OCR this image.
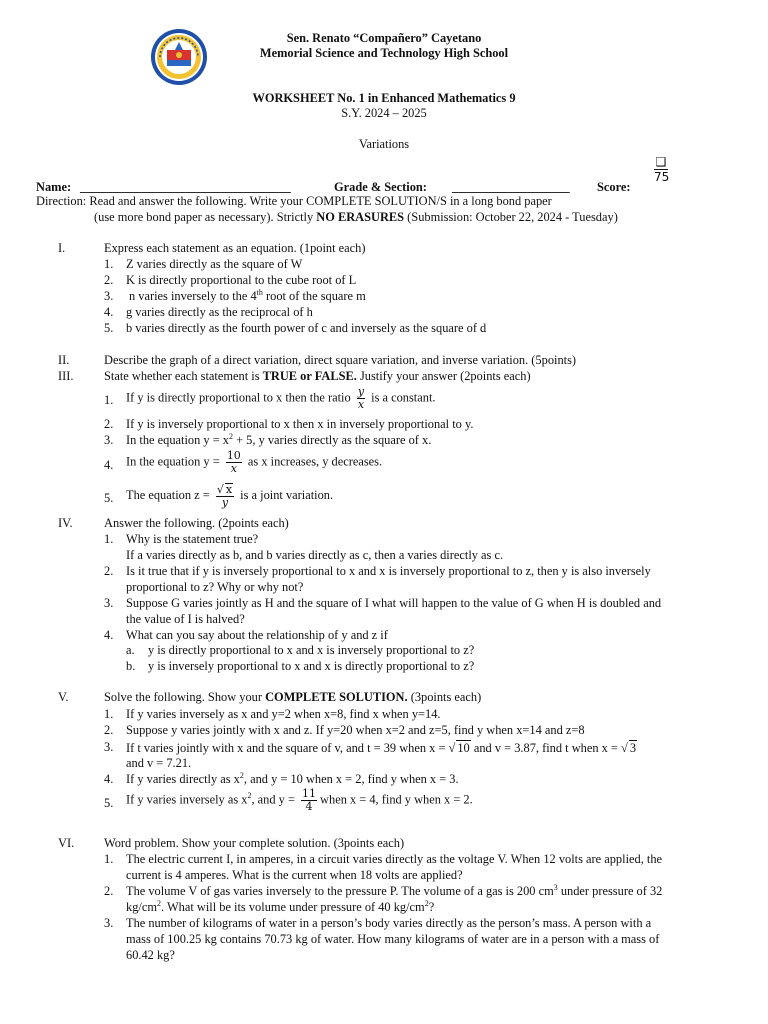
Sen. Renato “Compañero” Cayetano
Memorial Science and Technology High School
WORKSHEET No. 1 in Enhanced Mathematics 9
S.Y. 2024 – 2025
Variations
❑
75
Name: __________________________________	Grade & Section: ___________________ Score:
Direction: Read and answer the following. Write your COMPLETE SOLUTION/S in a long bond paper
(use more bond paper as necessary). Strictly NO ERASURES (Submission: October 22, 2024 - Tuesday)
I.	Express each statement as an equation. (1point each)
1. Z varies directly as the square of W
2. K is directly proportional to the cube root of L
3. n varies inversely to the 4th root of the square m
4. g varies directly as the reciprocal of h
5. b varies directly as the fourth power of c and inversely as the square of d
II.	Describe the graph of a direct variation, direct square variation, and inverse variation. (5points)
III. State whether each statement is TRUE or FALSE. Justify your answer (2points each)
1. If y is directly proportional to x then the ratio $\frac{y}{x}$ is a constant.
2. If y is inversely proportional to x then x in inversely proportional to y.
3. In the equation $y = x^2 + 5$, y varies directly as the square of x.
4. In the equation $y = \frac{10}{x}$ as x increases, y decreases.
5. The equation $z = \frac{√ x}{y}$ is a joint variation.
IV.	Answer the following. (2points each)
1. Why is the statement true?
If a varies directly as b, and b varies directly as c, then a varies directly as c.
2. Is it true that if y is inversely proportional to x and x is inversely proportional to z, then y is also inversely
proportional to z? Why or why not?
3. Suppose G varies jointly as H and the square of I what will happen to the value of G when H is doubled and
the value of I is halved?
4. What can you say about the relationship of y and z if
a. y is directly proportional to x and x is inversely proportional to z?
b. y is inversely proportional to x and x is directly proportional to z?
V.	Solve the following. Show your COMPLETE SOLUTION. (3points each)
1. If y varies inversely as x and y=2 when x=8, find x when y=14.
2. Suppose y varies jointly with x and z. If y=20 when x=2 and z=5, find y when x=14 and z=8
3. If t varies jointly with x and the square of v, and t = 39 when x = √ 10 and v = 3.87, find t when x = √ 3
and v = 7.21.
4. If y varies directly as $x^2$, and y = 10 when x = 2, find y when x = 3.
5. If y varies inversely as $x^2$, and $y = \frac{11}{4}$ when x = 4, find y when x = 2.
VI. Word problem. Show your complete solution. (3points each)
1. The electric current I, in amperes, in a circuit varies directly as the voltage V. When 12 volts are applied, the
current is 4 amperes. What is the current when 18 volts are applied?
2. The volume V of gas varies inversely to the pressure P. The volume of a gas is 200 $cm^3$ under pressure of 32
$kg/cm^2$. What will be its volume under pressure of 40 $kg/cm^2$?
3. The number of kilograms of water in a person’s body varies directly as the person’s mass. A person with a
mass of 100.25 kg contains 70.73 kg of water. How many kilograms of water are in a person with a mass of
60.42 kg?
